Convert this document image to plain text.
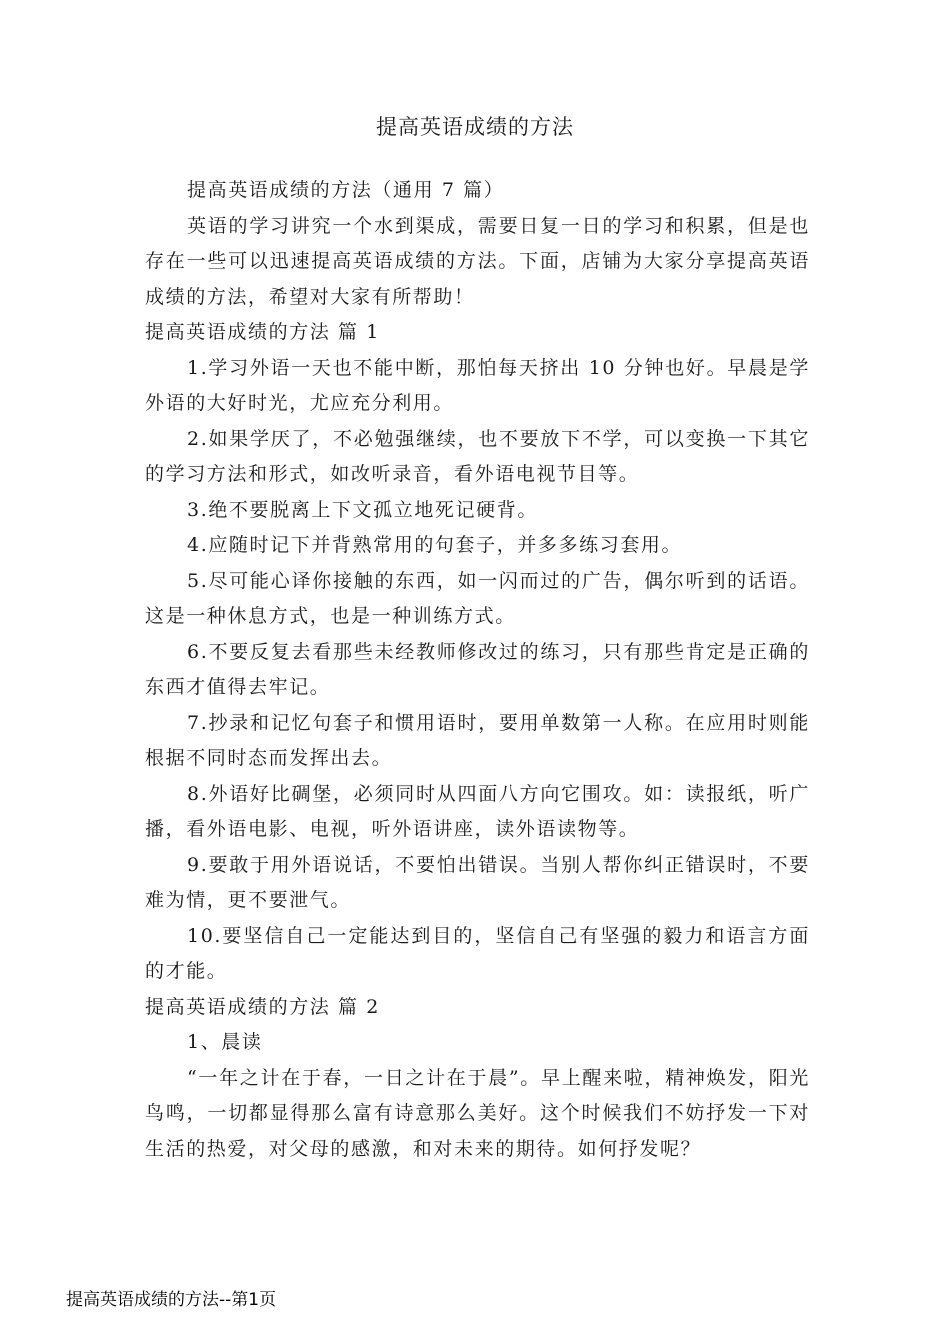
提高英语成绩的方法

提高英语成绩的方法（通用 7 篇）

英语的学习讲究一个水到渠成，需要日复一日的学习和积累，但是也存在一些可以迅速提高英语成绩的方法。下面，店铺为大家分享提高英语成绩的方法，希望对大家有所帮助！

提高英语成绩的方法 篇 1

1.学习外语一天也不能中断，那怕每天挤出 10 分钟也好。早晨是学外语的大好时光，尤应充分利用。

2.如果学厌了，不必勉强继续，也不要放下不学，可以变换一下其它的学习方法和形式，如改听录音，看外语电视节目等。

3.绝不要脱离上下文孤立地死记硬背。

4.应随时记下并背熟常用的句套子，并多多练习套用。

5.尽可能心译你接触的东西，如一闪而过的广告，偶尔听到的话语。这是一种休息方式，也是一种训练方式。

6.不要反复去看那些未经教师修改过的练习，只有那些肯定是正确的东西才值得去牢记。

7.抄录和记忆句套子和惯用语时，要用单数第一人称。在应用时则能根据不同时态而发挥出去。

8.外语好比碉堡，必须同时从四面八方向它围攻。如：读报纸，听广播，看外语电影、电视，听外语讲座，读外语读物等。

9.要敢于用外语说话，不要怕出错误。当别人帮你纠正错误时，不要难为情，更不要泄气。

10.要坚信自己一定能达到目的，坚信自己有坚强的毅力和语言方面的才能。

提高英语成绩的方法 篇 2

1、晨读

“一年之计在于春，一日之计在于晨”。早上醒来啦，精神焕发，阳光鸟鸣，一切都显得那么富有诗意那么美好。这个时候我们不妨抒发一下对生活的热爱，对父母的感激，和对未来的期待。如何抒发呢？

提高英语成绩的方法--第1页
